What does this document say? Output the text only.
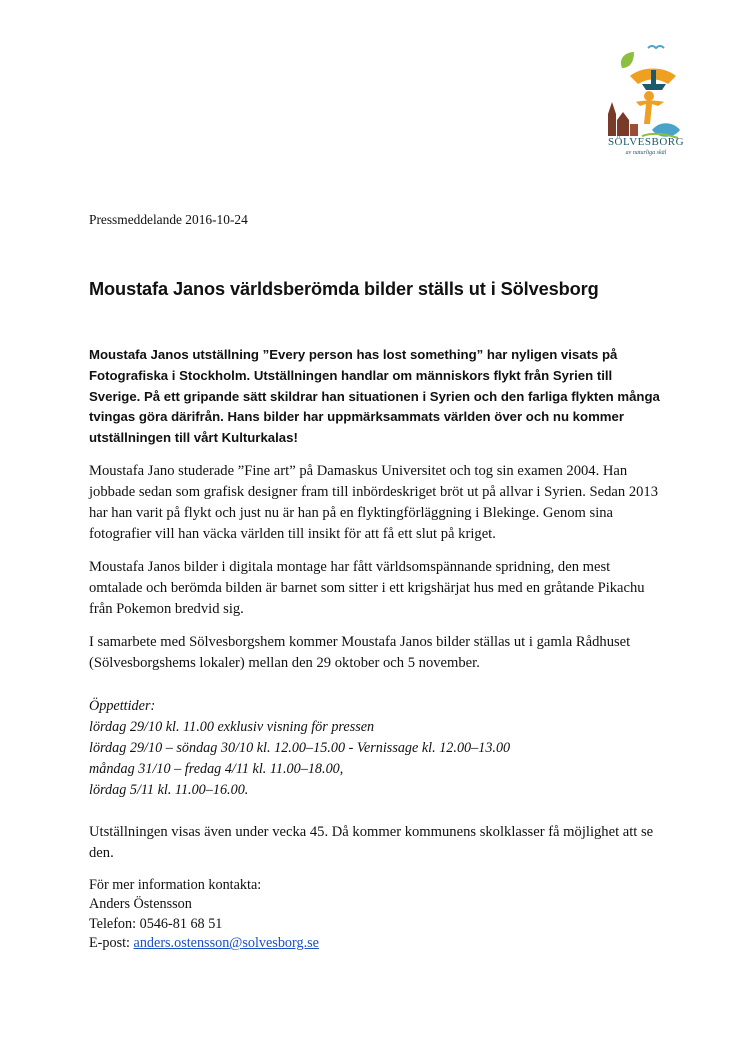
SÖLVESBORG
av naturliga skäl
Pressmeddelande 2016-10-24
Moustafa Janos världsberömda bilder ställs ut i Sölvesborg

Moustafa Janos utställning ”Every person has lost something” har nyligen visats på Fotografiska i Stockholm. Utställningen handlar om människors flykt från Syrien till Sverige. På ett gripande sätt skildrar han situationen i Syrien och den farliga flykten många tvingas göra därifrån. Hans bilder har uppmärksammats världen över och nu kommer utställningen till vårt Kulturkalas!

Moustafa Jano studerade ”Fine art” på Damaskus Universitet och tog sin examen 2004. Han jobbade sedan som grafisk designer fram till inbördeskriget bröt ut på allvar i Syrien. Sedan 2013 har han varit på flykt och just nu är han på en flyktingförläggning i Blekinge. Genom sina fotografier vill han väcka världen till insikt för att få ett slut på kriget.

Moustafa Janos bilder i digitala montage har fått världsomspännande spridning, den mest omtalade och berömda bilden är barnet som sitter i ett krigshärjat hus med en gråtande Pikachu från Pokemon bredvid sig.

I samarbete med Sölvesborgshem kommer Moustafa Janos bilder ställas ut i gamla Rådhuset (Sölvesborgshems lokaler) mellan den 29 oktober och 5 november.

Öppettider:
lördag 29/10 kl. 11.00 exklusiv visning för pressen
lördag 29/10 – söndag 30/10 kl. 12.00–15.00 - Vernissage kl. 12.00–13.00
måndag 31/10 – fredag 4/11 kl. 11.00–18.00,
lördag 5/11 kl. 11.00–16.00.

Utställningen visas även under vecka 45. Då kommer kommunens skolklasser få möjlighet att se den.

För mer information kontakta:
Anders Östensson
Telefon: 0546-81 68 51
E-post: anders.ostensson@solvesborg.se
